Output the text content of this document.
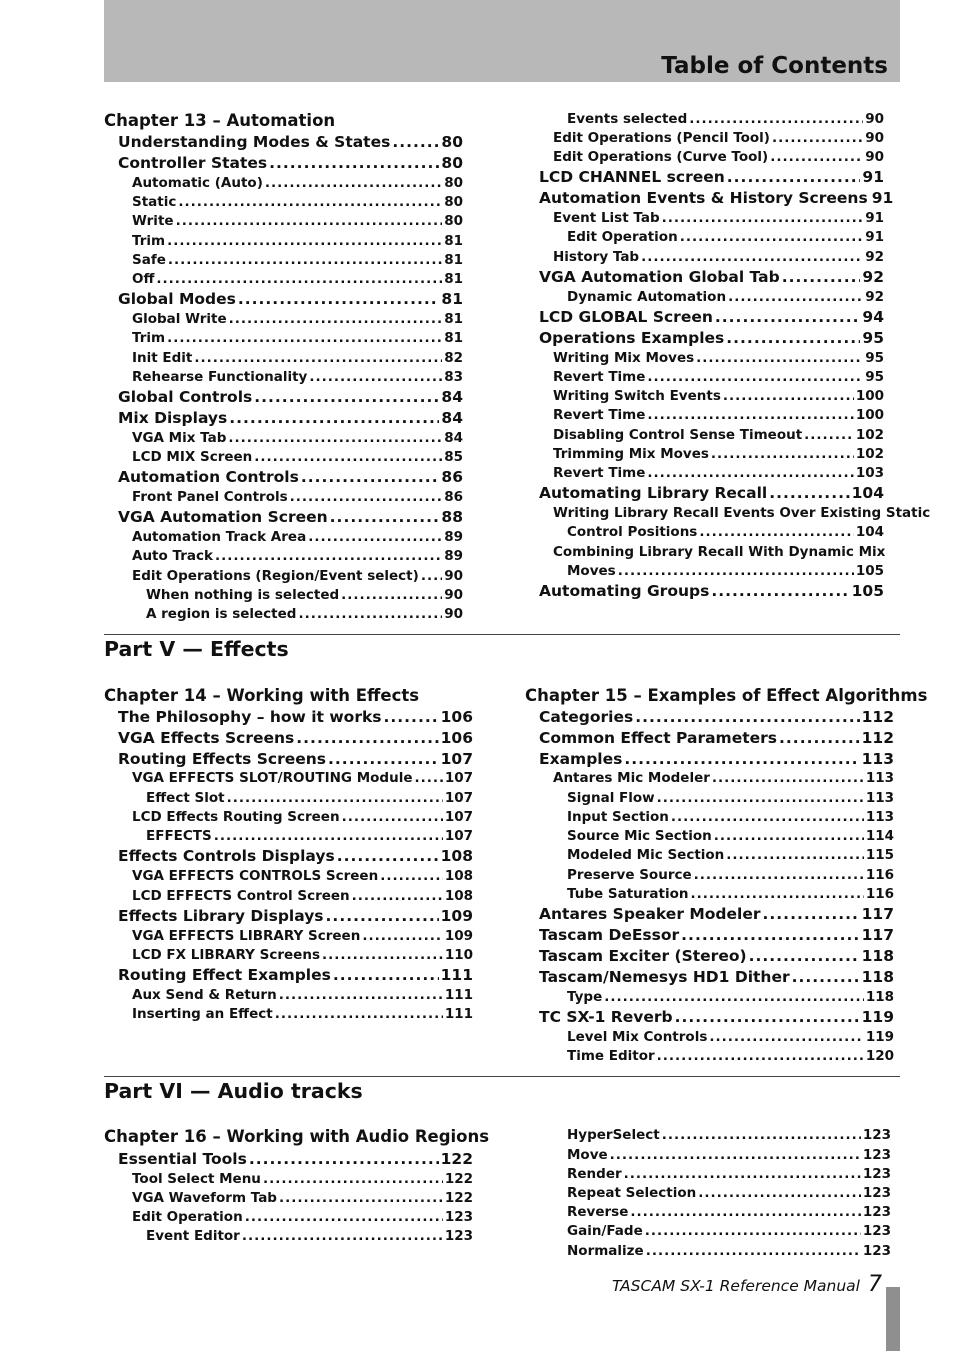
Table of Contents
Chapter 13 – Automation
Understanding Modes & States .....	80
Controller States .....	80
Automatic (Auto) .....	80
Static .....	80
Write .....	80
Trim .....	81
Safe .....	81
Off .....	81
Global Modes .....	81
Global Write .....	81
Trim .....	81
Init Edit .....	82
Rehearse Functionality .....	83
Global Controls .....	84
Mix Displays .....	84
VGA Mix Tab .....	84
LCD MIX Screen .....	85
Automation Controls .....	86
Front Panel Controls .....	86
VGA Automation Screen .....	88
Automation Track Area .....	89
Auto Track .....	89
Edit Operations (Region/Event select) ..... 90
When nothing is selected .....	90
A region is selected .....	90
Events selected .....	90
Edit Operations (Pencil Tool) .....	90
Edit Operations (Curve Tool) .....	90
LCD CHANNEL screen .....	91
Automation Events & History Screens 91
Event List Tab .....	91
Edit Operation .....	91
History Tab .....	92
VGA Automation Global Tab .....	92
Dynamic Automation .....	92
LCD GLOBAL Screen .....	94
Operations Examples .....	95
Writing Mix Moves .....	95
Revert Time .....	95
Writing Switch Events .....	100
Revert Time .....	100
Disabling Control Sense Timeout .....	102
Trimming Mix Moves .....	102
Revert Time .....	103
Automating Library Recall .....	104
Writing Library Recall Events Over Existing Static
Control Positions .....	104
Combining Library Recall With Dynamic Mix
Moves .....	105
Automating Groups .....	105
Part V — Effects
Chapter 14 – Working with Effects	Chapter 15 – Examples of Effect Algorithms
The Philosophy – how it works .....	106
VGA Effects Screens .....	106
Routing Effects Screens .....	107
VGA EFFECTS SLOT/ROUTING Module ..... 107
Effect Slot .....	107
LCD Effects Routing Screen .....	107
EFFECTS .....	107
Effects Controls Displays .....	108
VGA EFFECTS CONTROLS Screen .....	108
LCD EFFECTS Control Screen .....	108
Effects Library Displays .....	109
VGA EFFECTS LIBRARY Screen .....	109
LCD FX LIBRARY Screens .....	110
Routing Effect Examples .....	111
Aux Send & Return .....	111
Inserting an Effect .....	111
Categories .....	112
Common Effect Parameters .....	112
Examples .....	113
Antares Mic Modeler .....	113
Signal Flow .....	113
Input Section .....	113
Source Mic Section .....	114
Modeled Mic Section .....	115
Preserve Source .....	116
Tube Saturation .....	116
Antares Speaker Modeler .....	117
Tascam DeEssor .....	117
Tascam Exciter (Stereo) .....	118
Tascam/Nemesys HD1 Dither .....	118
Type .....	118
TC SX-1 Reverb .....	119
Level Mix Controls .....	119
Time Editor .....	120
Part VI — Audio tracks
Chapter 16 – Working with Audio Regions
Essential Tools .....	122
Tool Select Menu .....	122
VGA Waveform Tab .....	122
Edit Operation .....	123
Event Editor .....	123
HyperSelect .....	123
Move .....	123
Render .....	123
Repeat Selection .....	123
Reverse .....	123
Gain/Fade .....	123
Normalize .....	123
TASCAM SX-1 Reference Manual 7
